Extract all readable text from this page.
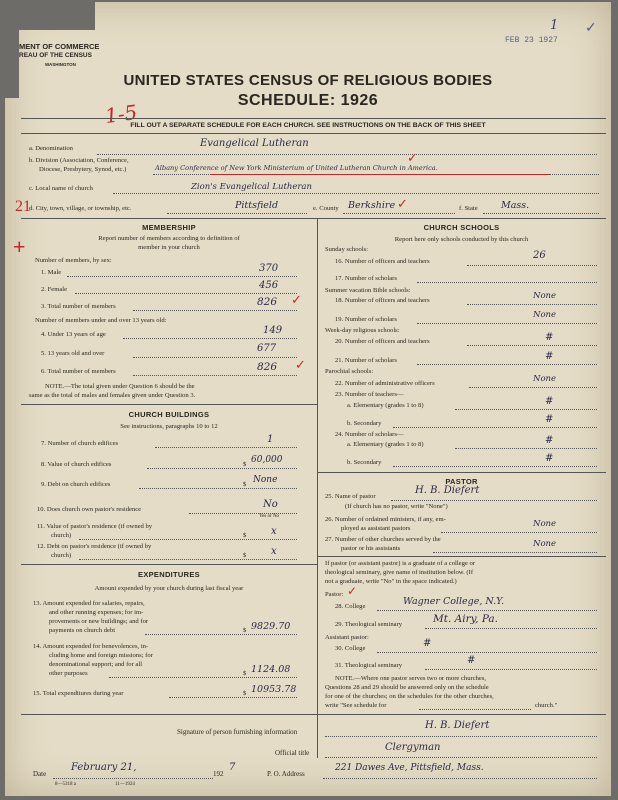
MENT OF COMMERCE
REAU OF THE CENSUS
WASHINGTON
FEB 23 1927
1 ✓
UNITED STATES CENSUS OF RELIGIOUS BODIES
SCHEDULE: 1926
1-5
21
+
FILL OUT A SEPARATE SCHEDULE FOR EACH CHURCH. SEE INSTRUCTIONS ON THE BACK OF THIS SHEET
a. Denomination	Evangelical Lutheran
b. Division (Association, Conference,
Diocese, Presbytery, Synod, etc.)	Albany Conference of New York Ministerium of United Lutheran Church in America.
✓
c. Local name of church	Zion's Evangelical Lutheran
d. City, town, village, or township, etc.	Pittsfield	e. County Berkshire ✓	f. State Mass.
MEMBERSHIP
Report number of members according to definition of
member in your church
Number of members, by sex:
1. Male	370
2. Female	456
3. Total number of members	826 ✓
Number of members under and over 13 years old:
4. Under 13 years of age	149
5. 13 years old and over	677
6. Total number of members	826 ✓
NOTE.—The total given under Question 6 should be the
same as the total of males and females given under Question 3.
CHURCH BUILDINGS
See instructions, paragraphs 10 to 12
7. Number of church edifices	1
8. Value of church edifices	$ 60,000
9. Debt on church edifices	$ None
10. Does church own pastor's residence	No
Yes or No
11. Value of pastor's residence (if owned by
church)	$ x
12. Debt on pastor's residence (if owned by
church)	$ x
EXPENDITURES
Amount expended by your church during last fiscal year
13. Amount expended for salaries, repairs,
and other running expenses; for im-
provements or new buildings; and for
payments on church debt	$ 9829.70
14. Amount expended for benevolences, in-
cluding home and foreign missions; for
denominational support; and for all
other purposes	$ 1124.08
15. Total expenditures during year	$ 10953.78
CHURCH SCHOOLS
Report here only schools conducted by this church
Sunday schools:
16. Number of officers and teachers
26
17. Number of scholars
Summer vacation Bible schools:
18. Number of officers and teachers	None
19. Number of scholars	None
Week-day religious schools:
20. Number of officers and teachers	#
21. Number of scholars	#
Parochial schools:
22. Number of administrative officers	None
23. Number of teachers—
a. Elementary (grades 1 to 8)	#
b. Secondary	#
24. Number of scholars—
a. Elementary (grades 1 to 8)	#
b. Secondary	#
PASTOR
25. Name of pastor
H. B. Diefert
(If church has no pastor, write "None")
26. Number of ordained ministers, if any, em-
ployed as assistant pastors	None
27. Number of other churches served by the
pastor or his assistants	None
If pastor (or assistant pastor) is a graduate of a college or
theological seminary, give name of institution below. (If
not a graduate, write "No" in the space indicated.)
Pastor: ✓
28. College	Wagner College, N.Y.
29. Theological seminary	Mt. Airy, Pa.
Assistant pastor:
30. College	#
31. Theological seminary	#
NOTE.—Where one pastor serves two or more churches,
Questions 28 and 29 should be answered only on the schedule
for one of the churches; on the schedules for the other churches,
write "See schedule for	church."
Signature of person furnishing information
H. B. Diefert
Official title	Clergyman
Date
February 21,
192
7
8—5318 a	11—1924
P. O. Address
221 Dawes Ave, Pittsfield, Mass.
